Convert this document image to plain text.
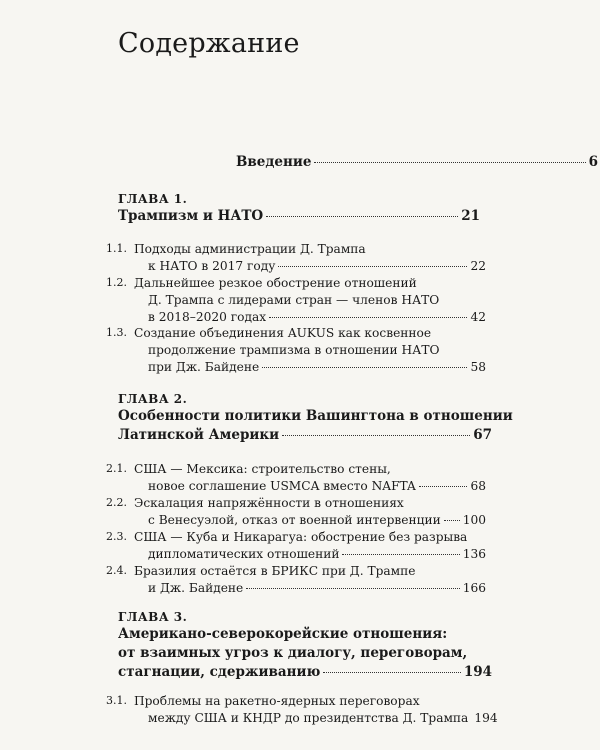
Содержание
Введение	6
ГЛАВА 1.
Трампизм и НАТО	21
1.1. Подходы администрации Д. Трампа
к НАТО в 2017 году	22
1.2. Дальнейшее резкое обострение отношений
Д. Трампа с лидерами стран — членов НАТО
в 2018–2020 годах	42
1.3. Создание объединения AUKUS как косвенное
продолжение трампизма в отношении НАТО
при Дж. Байдене	58
ГЛАВА 2.
Особенности политики Вашингтона в отношении
Латинской Америки	67
2.1. США — Мексика: строительство стены,
новое соглашение USMCA вместо NAFTA	68
2.2. Эскалация напряжённости в отношениях
с Венесуэлой, отказ от военной интервенции 100
2.3. США — Куба и Никарагуа: обострение без разрыва
дипломатических отношений	136
2.4. Бразилия остаётся в БРИКС при Д. Трампе
и Дж. Байдене	166
ГЛАВА 3.
Американо-северокорейские отношения:
от взаимных угроз к диалогу, переговорам,
стагнации, сдерживанию	194
3.1. Проблемы на ракетно-ядерных переговорах
между США и КНДР до президентства Д. Трампа 194
